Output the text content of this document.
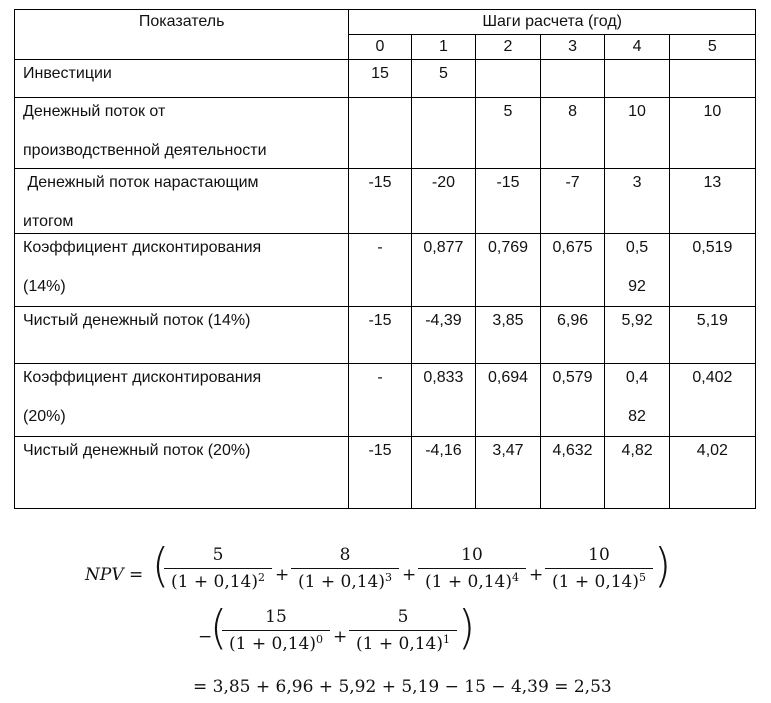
Показатель	Шаги расчета (год)					
	0	1	2	3	4	5
Инвестиции	15	5				

Денежный поток от
производственной деятельности			5	8	10	10

Денежный поток нарастающим
итогом	-15	-20	-15	-7	3	13

Коэффициент дисконтирования
(14%)	-	0,877	0,769	0,675	0,592	0,519
Чистый денежный поток (14%)	-15	-4,39	3,85	6,96	5,92	5,19

Коэффициент дисконтирования
(20%)	-	0,833	0,694	0,579	0,482	0,402
Чистый денежный поток (20%)	-15	-4,16	3,47	4,632	4,82	4,02
NPV = (	5
$(1 + 0,14)^2$ +
8
$(1 + 0,14)^3$ +
10
$(1 + 0,14)^4$ +
10
$(1 + 0,14)^5$ )
−
(	15
$(1 + 0,14)^0$ +
5
$(1 + 0,14)^1$ )
= 3,85 + 6,96 + 5,92 + 5,19 − 15 − 4,39 = 2,53
